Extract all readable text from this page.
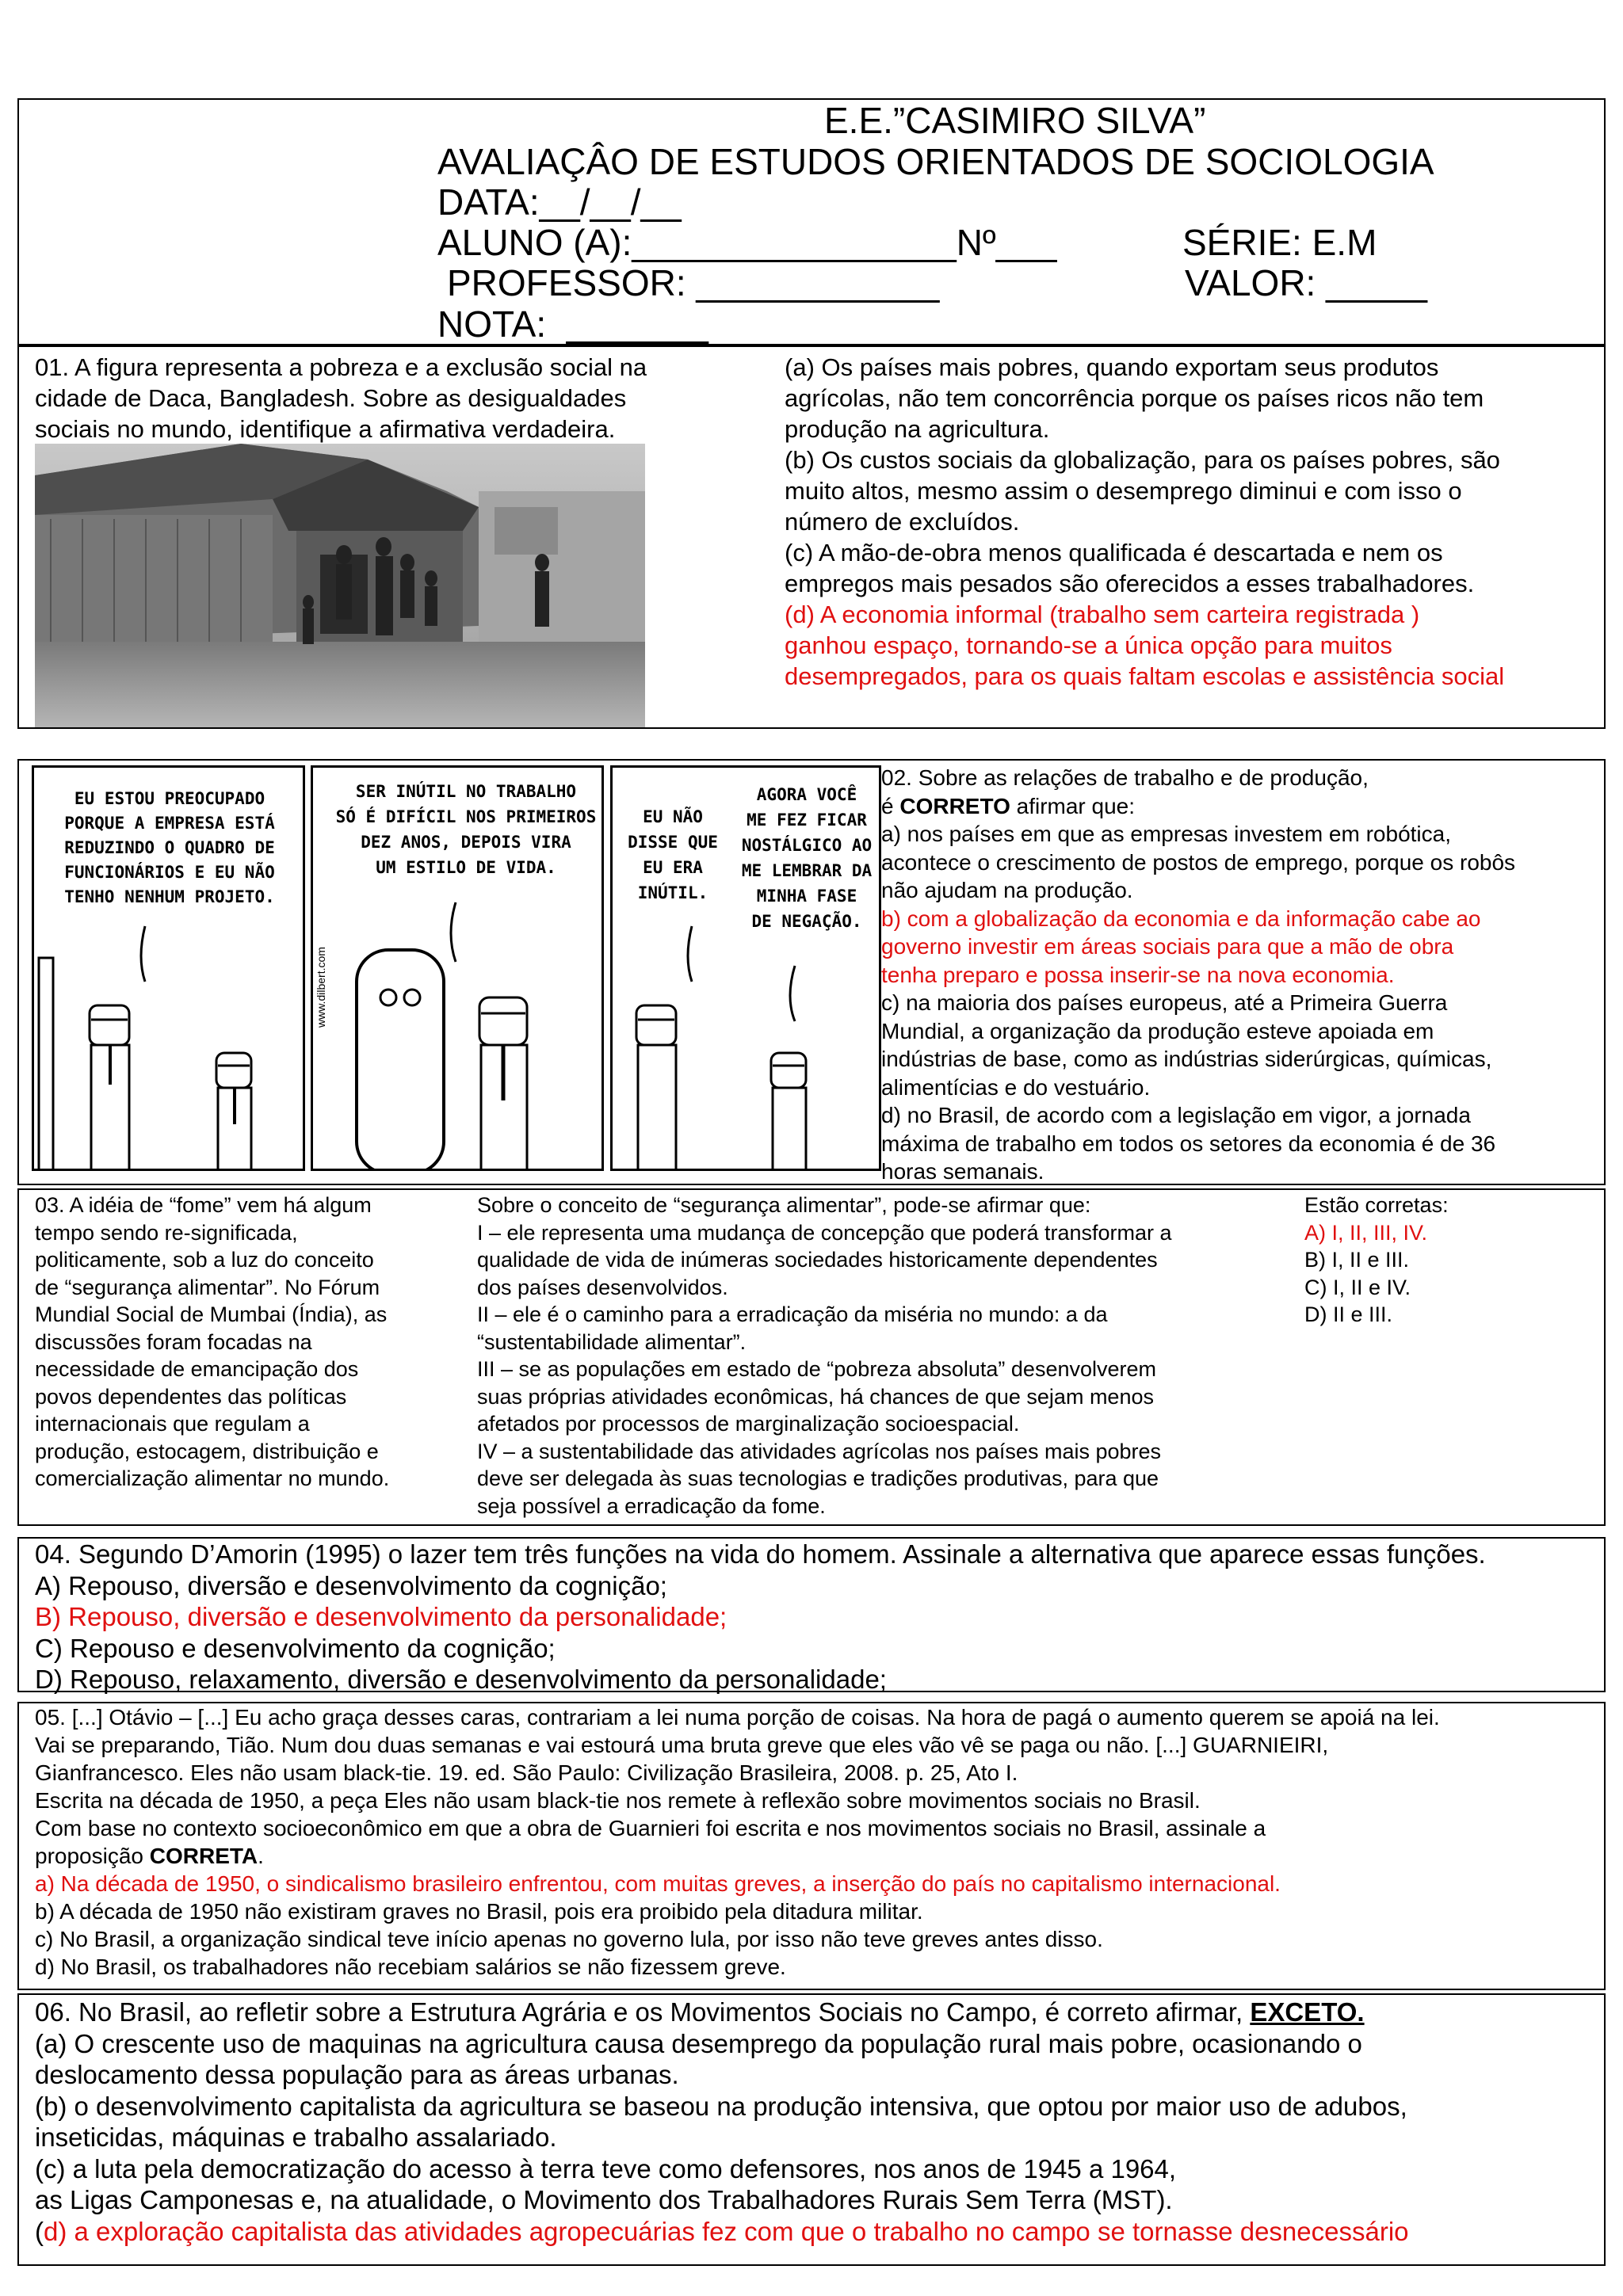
E.E.”CASIMIRO SILVA”
AVALIAÇÂO DE ESTUDOS ORIENTADOS DE SOCIOLOGIA
DATA:__/__/__
ALUNO (A):________________Nº___	SÉRIE: E.M
PROFESSOR: ____________	VALOR: _____
NOTA:  _______

01. A figura representa a pobreza e a exclusão social na

cidade de Daca, Bangladesh. Sobre as desigualdades

sociais no mundo, identifique a afirmativa verdadeira.

(a) Os países mais pobres, quando exportam seus produtos
agrícolas, não tem concorrência porque os países ricos não tem
produção na agricultura.

(b) Os custos sociais da globalização, para os países pobres, são
muito altos, mesmo assim o desemprego diminui e com isso o
número de excluídos.

(c) A mão-de-obra menos qualificada é descartada e nem os
empregos mais pesados são oferecidos a esses trabalhadores.

(d) A economia informal (trabalho sem carteira registrada )
ganhou espaço, tornando-se a única opção para muitos
desempregados, para os quais faltam escolas e assistência social

EU ESTOU PREOCUPADO
PORQUE A EMPRESA ESTÁ
REDUZINDO O QUADRO DE
FUNCIONÁRIOS E EU NÃO
TENHO NENHUM PROJETO.
SER INÚTIL NO TRABALHO
SÓ É DIFÍCIL NOS PRIMEIROS
DEZ ANOS, DEPOIS VIRA
UM ESTILO DE VIDA.
www.dilbert.com
EU NÃO
DISSE QUE
EU ERA
INÚTIL.
AGORA VOCÊ
ME FEZ FICAR
NOSTÁLGICO AO
ME LEMBRAR DA
MINHA FASE
DE NEGAÇÃO.

02. Sobre as relações de trabalho e de produção,

é CORRETO afirmar que:

a) nos países em que as empresas investem em robótica,
acontece o crescimento de postos de emprego, porque os robôs
não ajudam na produção.

b) com a globalização da economia e da informação cabe ao
governo investir em áreas sociais para que a mão de obra
tenha preparo e possa inserir-se na nova economia.

c) na maioria dos países europeus, até a Primeira Guerra
Mundial, a organização da produção esteve apoiada em
indústrias de base, como as indústrias siderúrgicas, químicas,
alimentícias e do vestuário.

d) no Brasil, de acordo com a legislação em vigor, a jornada
máxima de trabalho em todos os setores da economia é de 36
horas semanais.

03. A idéia de “fome” vem há algum

tempo sendo re-significada,

politicamente, sob a luz do conceito

de “segurança alimentar”. No Fórum

Mundial Social de Mumbai (Índia), as

discussões foram focadas na

necessidade de emancipação dos

povos dependentes das políticas

internacionais que regulam a

produção, estocagem, distribuição e

comercialização alimentar no mundo.

Sobre o conceito de “segurança alimentar”, pode-se afirmar que:

I – ele representa uma mudança de concepção que poderá transformar a

qualidade de vida de inúmeras sociedades historicamente dependentes

dos países desenvolvidos.

II – ele é o caminho para a erradicação da miséria no mundo: a da

“sustentabilidade alimentar”.

III – se as populações em estado de “pobreza absoluta” desenvolverem

suas próprias atividades econômicas, há chances de que sejam menos

afetados por processos de marginalização socioespacial.

IV – a sustentabilidade das atividades agrícolas nos países mais pobres

deve ser delegada às suas tecnologias e tradições produtivas, para que

seja possível a erradicação da fome.

Estão corretas:

A) I, II, III, IV.

B) I, II e III.

C) I, II e IV.

D) II e III.

04. Segundo D’Amorin (1995) o lazer tem três funções na vida do homem. Assinale a alternativa que aparece essas funções.

A) Repouso, diversão e desenvolvimento da cognição;

B) Repouso, diversão e desenvolvimento da personalidade;

C) Repouso e desenvolvimento da cognição;

D) Repouso, relaxamento, diversão e desenvolvimento da personalidade;

05. [...] Otávio – [...] Eu acho graça desses caras, contrariam a lei numa porção de coisas. Na hora de pagá o aumento querem se apoiá na lei.

Vai se preparando, Tião. Num dou duas semanas e vai estourá uma bruta greve que eles vão vê se paga ou não. [...] GUARNIEIRI,

Gianfrancesco. Eles não usam black-tie. 19. ed. São Paulo: Civilização Brasileira, 2008. p. 25, Ato I.

Escrita na década de 1950, a peça Eles não usam black-tie nos remete à reflexão sobre movimentos sociais no Brasil.

Com base no contexto socioeconômico em que a obra de Guarnieri foi escrita e nos movimentos sociais no Brasil, assinale a

proposição CORRETA.

a) Na década de 1950, o sindicalismo brasileiro enfrentou, com muitas greves, a inserção do país no capitalismo internacional.

b) A década de 1950 não existiram graves no Brasil, pois era proibido pela ditadura militar.

c) No Brasil, a organização sindical teve início apenas no governo lula, por isso não teve greves antes disso.

d) No Brasil, os trabalhadores não recebiam salários se não fizessem greve.

06. No Brasil, ao refletir sobre a Estrutura Agrária e os Movimentos Sociais no Campo, é correto afirmar, EXCETO.

(a) O crescente uso de maquinas na agricultura causa desemprego da população rural mais pobre, ocasionando o

deslocamento dessa população para as áreas urbanas.

(b) o desenvolvimento capitalista da agricultura se baseou na produção intensiva, que optou por maior uso de adubos,

inseticidas, máquinas e trabalho assalariado.

(c) a luta pela democratização do acesso à terra teve como defensores, nos anos de 1945 a 1964,

as Ligas Camponesas e, na atualidade, o Movimento dos Trabalhadores Rurais Sem Terra (MST).

(d) a exploração capitalista das atividades agropecuárias fez com que o trabalho no campo se tornasse desnecessário
